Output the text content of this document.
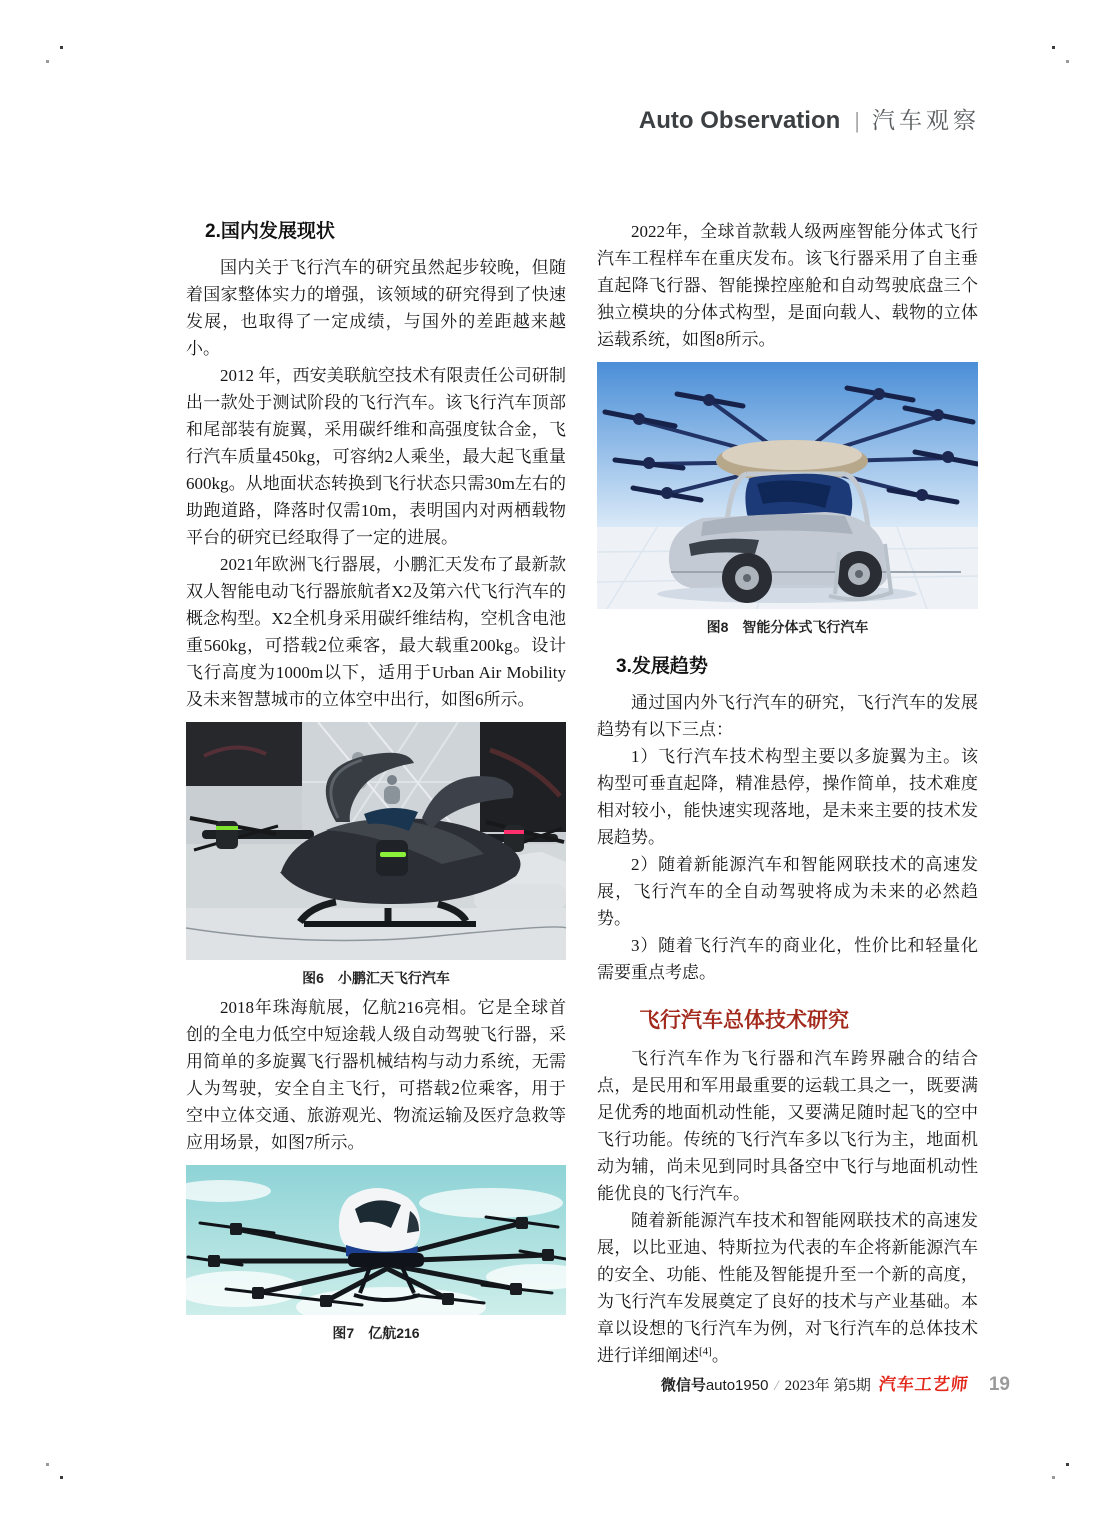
Auto Observation | 汽车观察
2.国内发展现状

国内关于飞行汽车的研究虽然起步较晚，但随着国家整体实力的增强，该领域的研究得到了快速发展，也取得了一定成绩，与国外的差距越来越小。

2012 年，西安美联航空技术有限责任公司研制出一款处于测试阶段的飞行汽车。该飞行汽车顶部和尾部装有旋翼，采用碳纤维和高强度钛合金，飞行汽车质量450kg，可容纳2人乘坐，最大起飞重量600kg。从地面状态转换到飞行状态只需30m左右的助跑道路，降落时仅需10m，表明国内对两栖载物平台的研究已经取得了一定的进展。

2021年欧洲飞行器展，小鹏汇天发布了最新款双人智能电动飞行器旅航者X2及第六代飞行汽车的概念构型。X2全机身采用碳纤维结构，空机含电池重560kg，可搭载2位乘客，最大载重200kg。设计飞行高度为1000m以下，适用于Urban Air Mobility及未来智慧城市的立体空中出行，如图6所示。

图6　小鹏汇天飞行汽车

2018年珠海航展，亿航216亮相。它是全球首创的全电力低空中短途载人级自动驾驶飞行器，采用简单的多旋翼飞行器机械结构与动力系统，无需人为驾驶，安全自主飞行，可搭载2位乘客，用于空中立体交通、旅游观光、物流运输及医疗急救等应用场景，如图7所示。

图7　亿航216

2022年，全球首款载人级两座智能分体式飞行汽车工程样车在重庆发布。该飞行器采用了自主垂直起降飞行器、智能操控座舱和自动驾驶底盘三个独立模块的分体式构型，是面向载人、载物的立体运载系统，如图8所示。

图8　智能分体式飞行汽车
3.发展趋势

通过国内外飞行汽车的研究，飞行汽车的发展趋势有以下三点：

1）飞行汽车技术构型主要以多旋翼为主。该构型可垂直起降，精准悬停，操作简单，技术难度相对较小，能快速实现落地，是未来主要的技术发展趋势。

2）随着新能源汽车和智能网联技术的高速发展，飞行汽车的全自动驾驶将成为未来的必然趋势。

3）随着飞行汽车的商业化，性价比和轻量化需要重点考虑。

飞行汽车总体技术研究

飞行汽车作为飞行器和汽车跨界融合的结合点，是民用和军用最重要的运载工具之一，既要满足优秀的地面机动性能，又要满足随时起飞的空中飞行功能。传统的飞行汽车多以飞行为主，地面机动为辅，尚未见到同时具备空中飞行与地面机动性能优良的飞行汽车。

随着新能源汽车技术和智能网联技术的高速发展，以比亚迪、特斯拉为代表的车企将新能源汽车的安全、功能、性能及智能提升至一个新的高度，为飞行汽车发展奠定了良好的技术与产业基础。本章以设想的飞行汽车为例，对飞行汽车的总体技术进行详细阐述[4]。

微信号auto1950 / 2023年 第5期 汽车工艺师 19
